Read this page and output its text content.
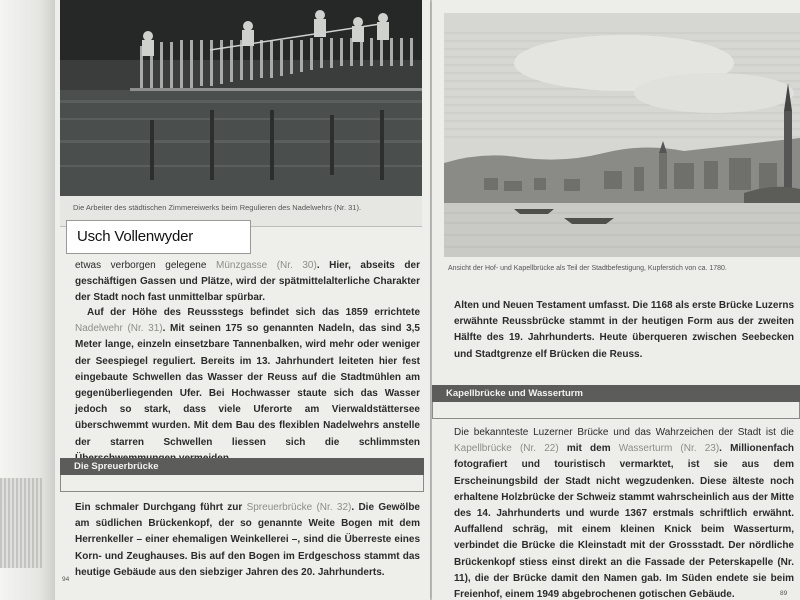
Die Arbeiter des städtischen Zimmereiwerks beim Regulieren des Nadelwehrs (Nr. 31).
Usch Vollenwyder
etwas verborgen gelegene Münzgasse (Nr. 30). Hier, abseits der geschäftigen Gassen und Plätze, wird der spätmittelalterliche Charakter der Stadt noch fast unmittelbar spürbar.
Auf der Höhe des Reussstegs befindet sich das 1859 errichtete Nadelwehr (Nr. 31). Mit seinen 175 so genannten Nadeln, das sind 3,5 Meter lange, einzeln einsetzbare Tannenbalken, wird mehr oder weniger der Seespiegel reguliert. Bereits im 13. Jahrhundert leiteten hier fest eingebaute Schwellen das Wasser der Reuss auf die Stadtmühlen am gegenüberliegenden Ufer. Bei Hochwasser staute sich das Wasser jedoch so stark, dass viele Uferorte am Vierwaldstättersee überschwemmt wurden. Mit dem Bau des flexiblen Nadelwehrs anstelle der starren Schwellen liessen sich die schlimmsten
Die Spreuerbrücke
Ein schmaler Durchgang führt zur Spreuerbrücke (Nr. 32). Die Gewölbe am südlichen Brückenkopf, der so genannte Weite Bogen mit dem Herrenkeller – einer ehemaligen Weinkellerei –, sind die Überreste eines Korn- und Zeughauses. Bis auf den Bogen im Erdgeschoss stammt das heutige Gebäude aus den siebziger Jahren des 20. Jahrhunderts.
94
Ansicht der Hof- und Kapellbrücke als Teil der Stadtbefestigung, Kupferstich von ca. 1780.
Alten und Neuen Testament umfasst. Die 1168 als erste Brücke Luzerns erwähnte Reussbrücke stammt in der heutigen Form aus der zweiten Hälfte des 19. Jahrhunderts. Heute überqueren zwischen Seebecken und Stadtgrenze elf Brücken die Reuss.
Kapellbrücke und Wasserturm
Die bekannteste Luzerner Brücke und das Wahrzeichen der Stadt ist die Kapellbrücke (Nr. 22) mit dem Wasserturm (Nr. 23). Millionenfach fotografiert und touristisch vermarktet, ist sie aus dem Erscheinungsbild der Stadt nicht wegzudenken. Diese älteste noch erhaltene Holzbrücke der Schweiz stammt wahrscheinlich aus der Mitte des 14. Jahrhunderts und wurde 1367 erstmals schriftlich erwähnt. Auffallend schräg, mit einem kleinen Knick beim Wasserturm, verbindet die Brücke die Kleinstadt mit der Grossstadt. Der nördliche Brückenkopf stiess einst direkt an die Fassade der Peterskapelle (Nr. 11), die der Brücke damit den Namen gab. Im Süden endete sie beim Freienhof, einem 1949 abgebrochenen gotischen Gebäude.	89
